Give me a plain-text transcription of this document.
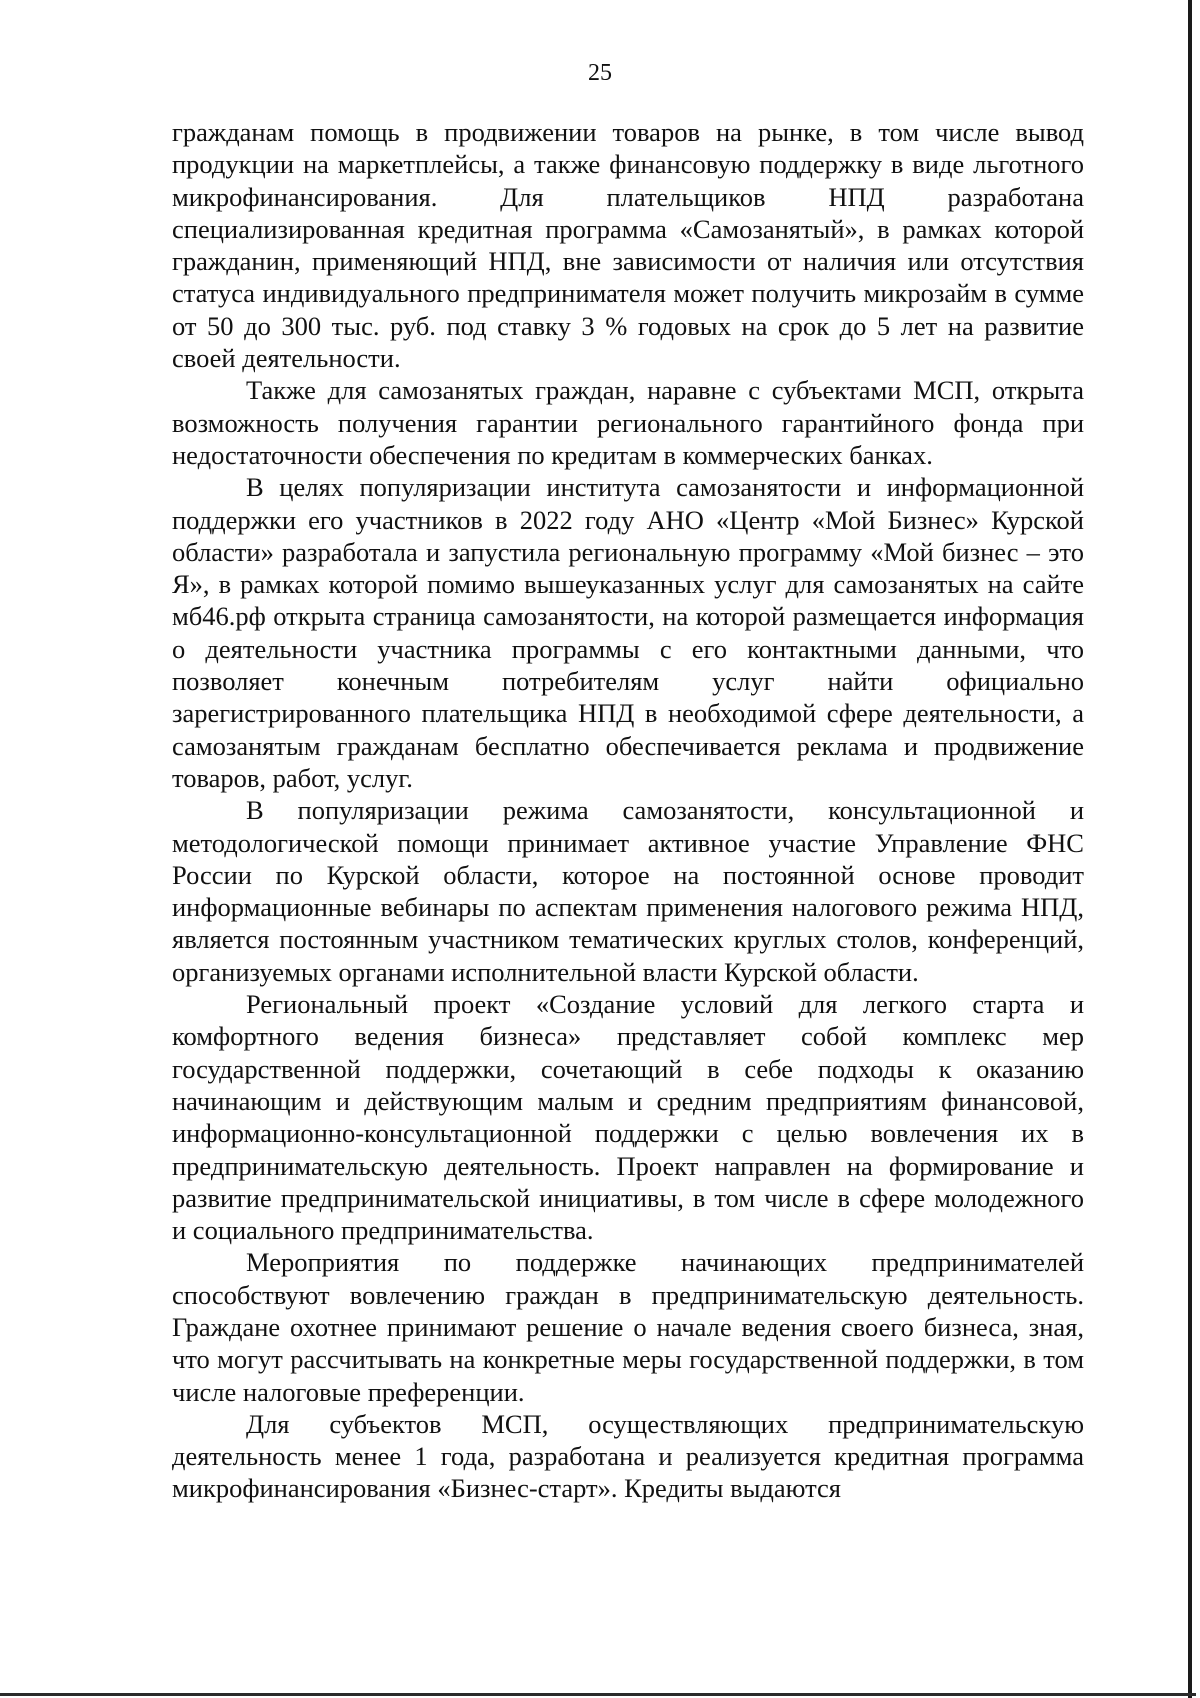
25

гражданам помощь в продвижении товаров на рынке, в том числе вывод продукции на маркетплейсы, а также финансовую поддержку в виде льготного микрофинансирования. Для плательщиков НПД разработана специализированная кредитная программа «Самозанятый», в рамках которой гражданин, применяющий НПД, вне зависимости от наличия или отсутствия статуса индивидуального предпринимателя может получить микрозайм в сумме от 50 до 300 тыс. руб. под ставку 3 % годовых на срок до 5 лет на развитие своей деятельности.

Также для самозанятых граждан, наравне с субъектами МСП, открыта возможность получения гарантии регионального гарантийного фонда при недостаточности обеспечения по кредитам в коммерческих банках.

В целях популяризации института самозанятости и информационной поддержки его участников в 2022 году АНО «Центр «Мой Бизнес» Курской области» разработала и запустила региональную программу «Мой бизнес – это Я», в рамках которой помимо вышеуказанных услуг для самозанятых на сайте мб46.рф открыта страница самозанятости, на которой размещается информация о деятельности участника программы с его контактными данными, что позволяет конечным потребителям услуг найти официально зарегистрированного плательщика НПД в необходимой сфере деятельности, а самозанятым гражданам бесплатно обеспечивается реклама и продвижение товаров, работ, услуг.

В популяризации режима самозанятости, консультационной и методологической помощи принимает активное участие Управление ФНС России по Курской области, которое на постоянной основе проводит информационные вебинары по аспектам применения налогового режима НПД, является постоянным участником тематических круглых столов, конференций, организуемых органами исполнительной власти Курской области.

Региональный проект «Создание условий для легкого старта и комфортного ведения бизнеса» представляет собой комплекс мер государственной поддержки, сочетающий в себе подходы к оказанию начинающим и действующим малым и средним предприятиям финансовой, информационно-консультационной поддержки с целью вовлечения их в предпринимательскую деятельность. Проект направлен на формирование и развитие предпринимательской инициативы, в том числе в сфере молодежного и социального предпринимательства.

Мероприятия по поддержке начинающих предпринимателей способствуют вовлечению граждан в предпринимательскую деятельность. Граждане охотнее принимают решение о начале ведения своего бизнеса, зная, что могут рассчитывать на конкретные меры государственной поддержки, в том числе налоговые преференции.

Для субъектов МСП, осуществляющих предпринимательскую деятельность менее 1 года, разработана и реализуется кредитная программа микрофинансирования «Бизнес-старт». Кредиты выдаются
